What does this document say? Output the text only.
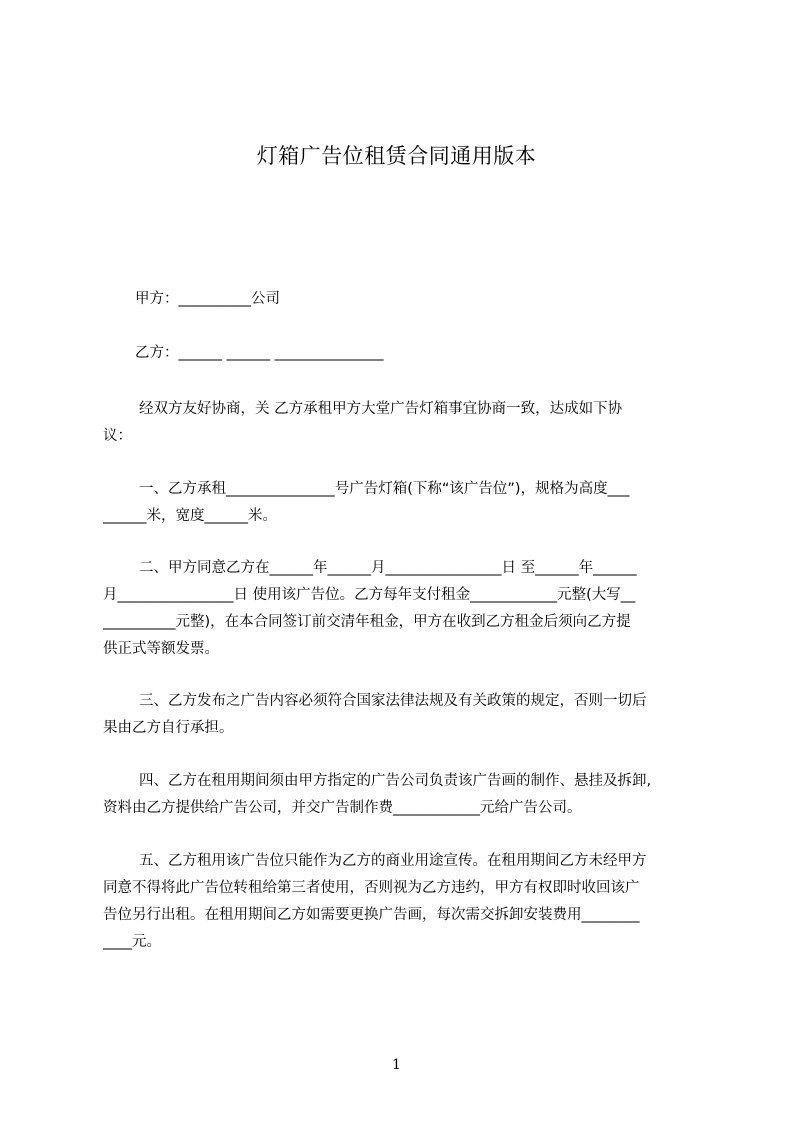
灯箱广告位租赁合同通用版本
甲方：__________公司
乙方：______ ______ _______________
经双方友好协商，关 乙方承租甲方大堂广告灯箱事宜协商一致，达成如下协
议：
一、乙方承租_______________号广告灯箱(下称“该广告位”)，规格为高度___
______米，宽度______米。
二、甲方同意乙方在______年______月________________日 至______年______
月________________日 使用该广告位。乙方每年支付租金____________元整(大写__
__________元整)，在本合同签订前交清年租金，甲方在收到乙方租金后须向乙方提
供正式等额发票。
三、乙方发布之广告内容必须符合国家法律法规及有关政策的规定，否则一切后
果由乙方自行承担。
四、乙方在租用期间须由甲方指定的广告公司负责该广告画的制作、悬挂及拆卸,
资料由乙方提供给广告公司，并交广告制作费____________元给广告公司。
五、乙方租用该广告位只能作为乙方的商业用途宣传。在租用期间乙方未经甲方
同意不得将此广告位转租给第三者使用，否则视为乙方违约，甲方有权即时收回该广
告位另行出租。在租用期间乙方如需要更换广告画，每次需交拆卸安装费用________
____元。
1
